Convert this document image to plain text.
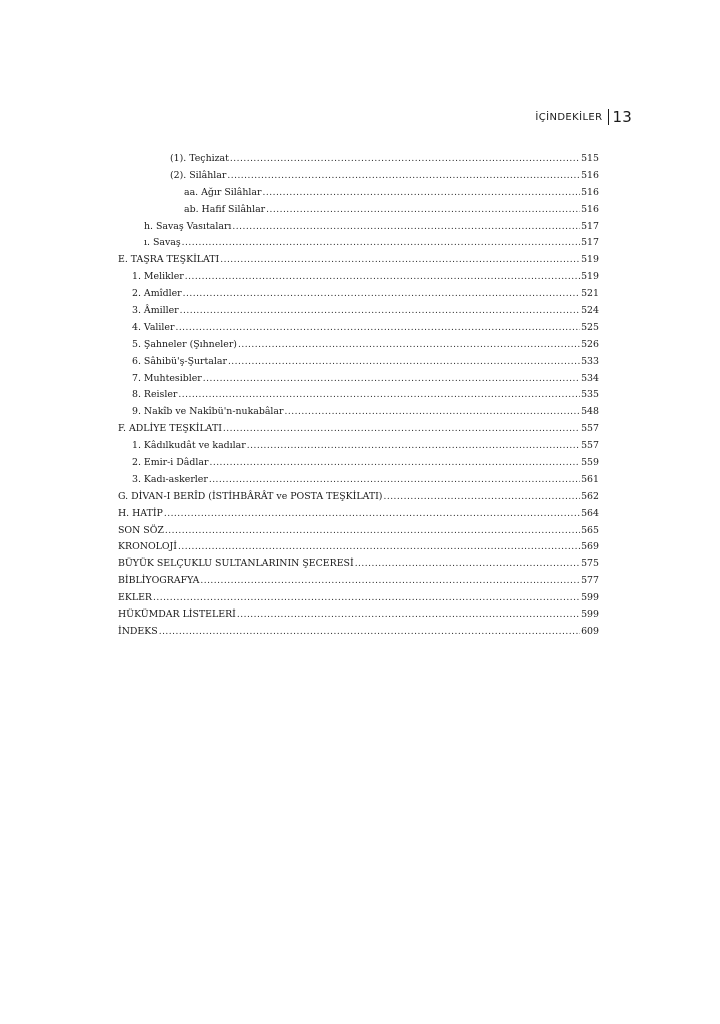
İÇİNDEKİLER 13
(1). Teçhizat .....	515
(2). Silâhlar .....	516
aa. Ağır Silâhlar .....	516
ab. Hafif Silâhlar .....	516
h. Savaş Vasıtaları .....	517
ı. Savaş .....	517
E. TAŞRA TEŞKİLATI .....	519
1. Melikler .....	519
2. Amîdler .....	521
3. Âmiller .....	524
4. Valiler .....	525
5. Şahneler (Şıhneler) .....	526
6. Sâhibü'ş-Şurtalar .....	533
7. Muhtesibler .....	534
8. Reisler .....	535
9. Nakîb ve Nakîbü'n-nukabâlar .....	548
F. ADLİYE TEŞKİLATI .....	557
1. Kâdılkudât ve kadılar .....	557
2. Emir-i Dâdlar .....	559
3. Kadı-askerler .....	561
G. DİVAN-I BERÎD (İSTİHBÂRÂT ve POSTA TEŞKİLATI) .....	562
H. HATİP .....	564
SON SÖZ .....	565
KRONOLOJİ .....	569
BÜYÜK SELÇUKLU SULTANLARININ ŞECERESİ .....	575
BİBLİYOGRAFYA .....	577
EKLER .....	599
HÜKÜMDAR LİSTELERİ .....	599
İNDEKS .....	609
